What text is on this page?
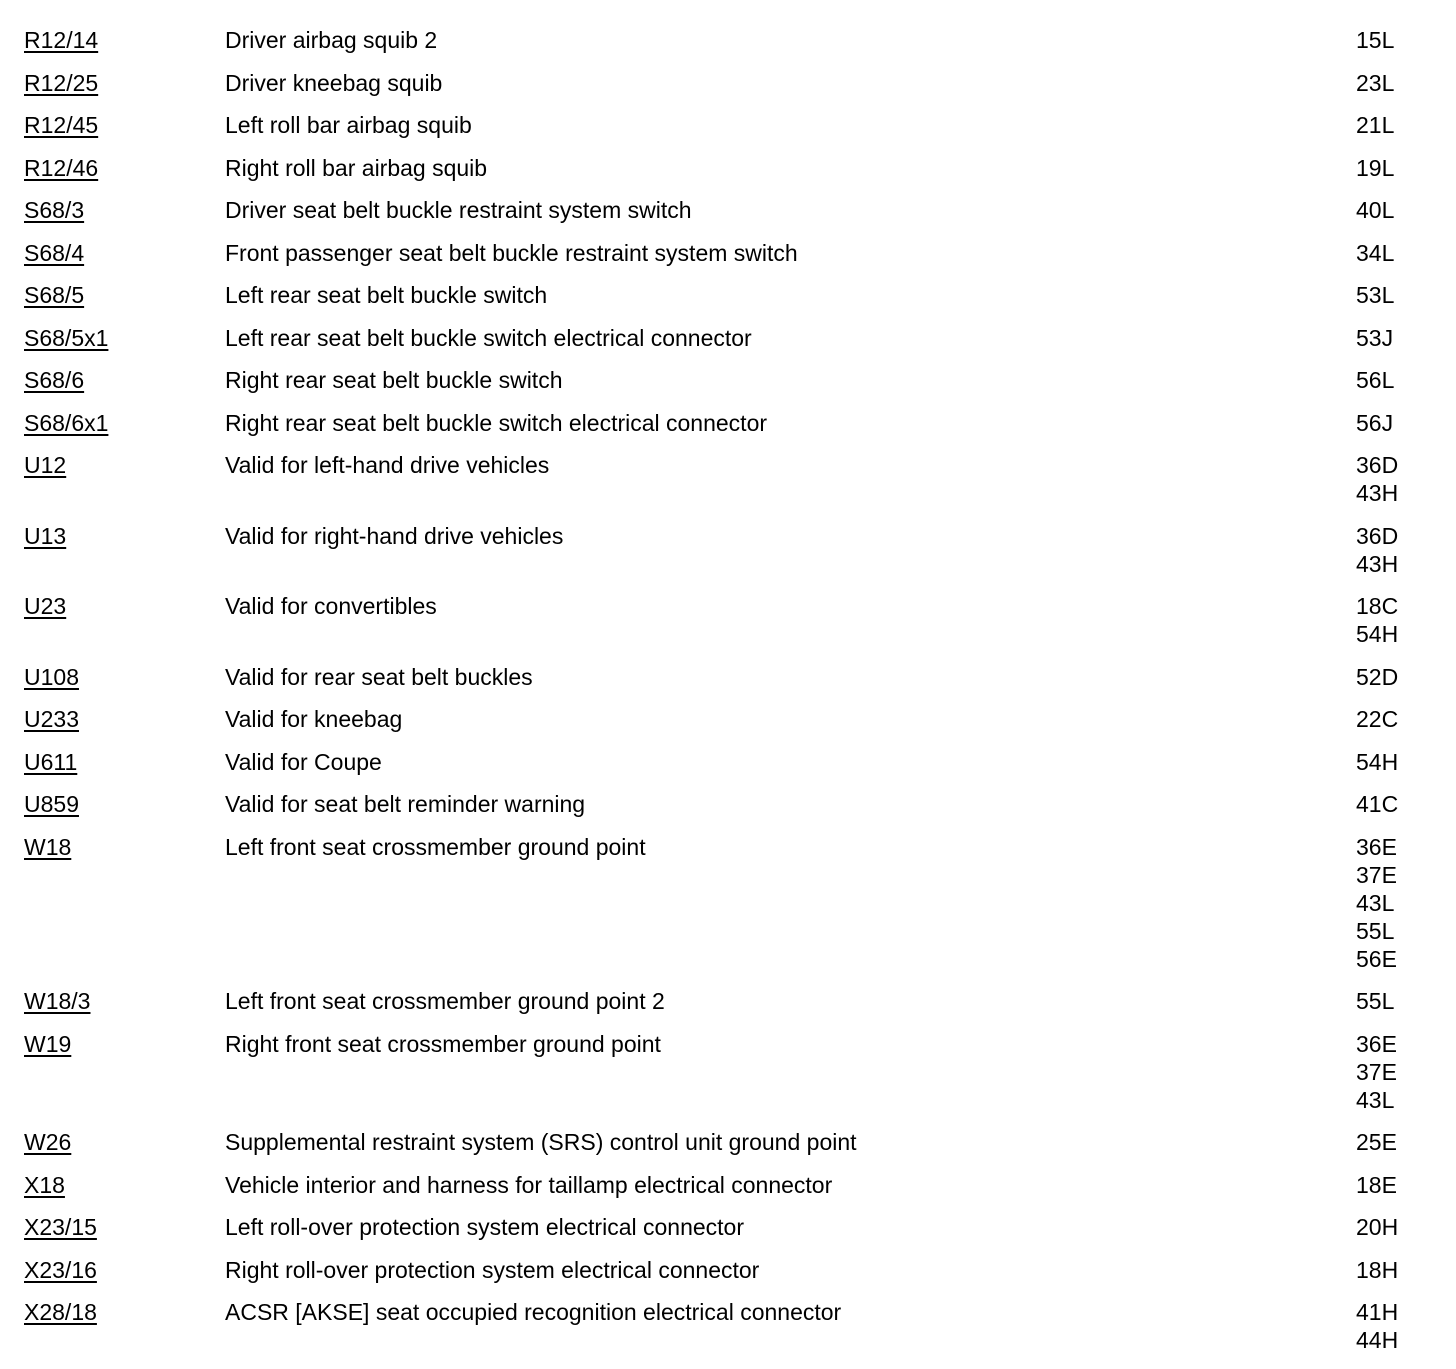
R12/14	Driver airbag squib 2	15L
R12/25	Driver kneebag squib	23L
R12/45	Left roll bar airbag squib	21L
R12/46	Right roll bar airbag squib	19L
S68/3	Driver seat belt buckle restraint system switch	40L
S68/4	Front passenger seat belt buckle restraint system switch	34L
S68/5	Left rear seat belt buckle switch	53L
S68/5x1	Left rear seat belt buckle switch electrical connector	53J
S68/6	Right rear seat belt buckle switch	56L
S68/6x1	Right rear seat belt buckle switch electrical connector	56J
U12	Valid for left-hand drive vehicles	36D
43H
U13	Valid for right-hand drive vehicles	36D
43H
U23	Valid for convertibles	18C
54H
U108	Valid for rear seat belt buckles	52D
U233	Valid for kneebag	22C
U611	Valid for Coupe	54H
U859	Valid for seat belt reminder warning	41C
W18	Left front seat crossmember ground point	36E
37E
43L
55L
56E
W18/3	Left front seat crossmember ground point 2	55L
W19	Right front seat crossmember ground point	36E
37E
43L
W26	Supplemental restraint system (SRS) control unit ground point	25E
X18	Vehicle interior and harness for taillamp electrical connector	18E
X23/15	Left roll-over protection system electrical connector	20H
X23/16	Right roll-over protection system electrical connector	18H
X28/18	ACSR [AKSE] seat occupied recognition electrical connector	41H
44H
